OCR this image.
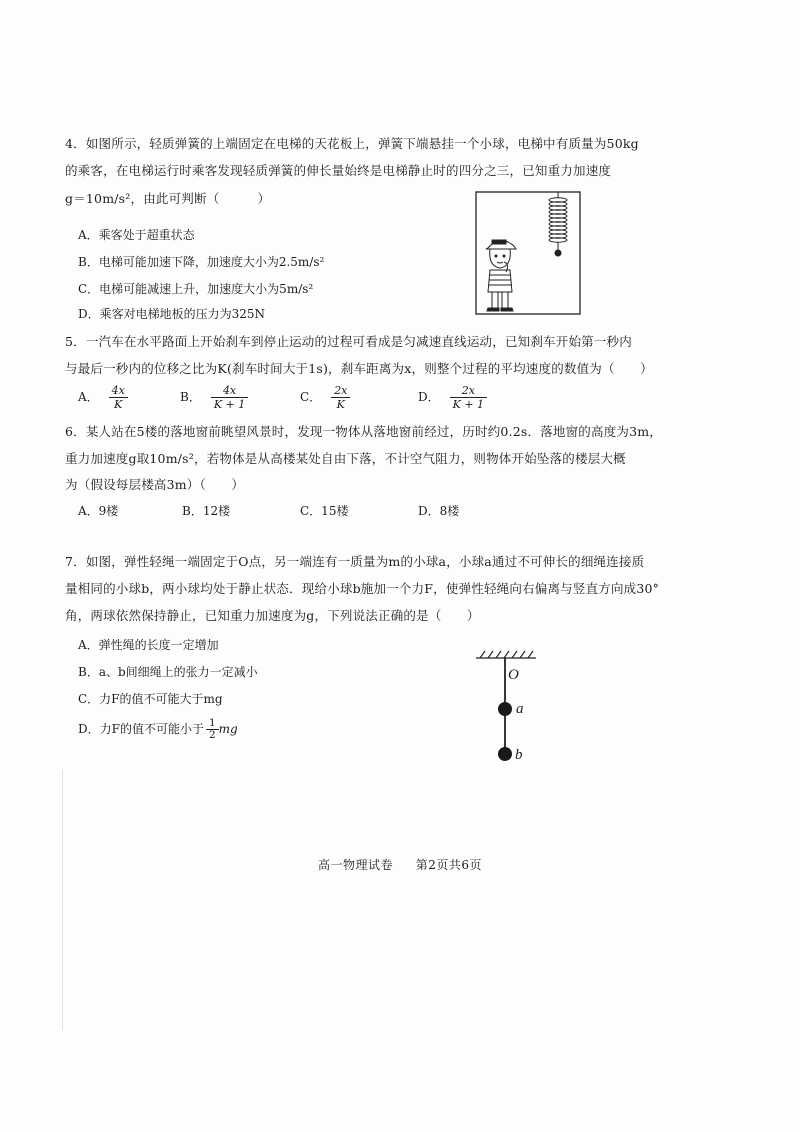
4．如图所示，轻质弹簧的上端固定在电梯的天花板上，弹簧下端悬挂一个小球，电梯中有质量为50kg
的乘客，在电梯运行时乘客发现轻质弹簧的伸长量始终是电梯静止时的四分之三，已知重力加速度
g＝10m/s²，由此可判断（　　　）
A．乘客处于超重状态
B．电梯可能加速下降，加速度大小为2.5m/s²
C．电梯可能减速上升，加速度大小为5m/s²
D．乘客对电梯地板的压力为325N
5．一汽车在水平路面上开始刹车到停止运动的过程可看成是匀减速直线运动，已知刹车开始第一秒内
与最后一秒内的位移之比为K(刹车时间大于1s)，刹车距离为x，则整个过程的平均速度的数值为（　　）
A． $\frac{4x}{K}$	B． $\frac{4x}{K + 1}$	C． $\frac{2x}{K}$	D． $\frac{2x}{K + 1}$
6．某人站在5楼的落地窗前眺望风景时，发现一物体从落地窗前经过，历时约0.2s．落地窗的高度为3m，
重力加速度g取10m/s²，若物体是从高楼某处自由下落，不计空气阻力，则物体开始坠落的楼层大概
为（假设每层楼高3m）（　　）
A．9楼	B．12楼	C．15楼	D．8楼
7．如图，弹性轻绳一端固定于O点，另一端连有一质量为m的小球a，小球a通过不可伸长的细绳连接质
量相同的小球b，两小球均处于静止状态．现给小球b施加一个力F，使弹性轻绳向右偏离与竖直方向成30°
角，两球依然保持静止，已知重力加速度为g，下列说法正确的是（　　）
A．弹性绳的长度一定增加
B．a、b间细绳上的张力一定减小
C．力F的值不可能大于mg
D．力F的值不可能小于 $\frac{1}{2}$ mg
O
a
b
高一物理试卷 第2页共6页
